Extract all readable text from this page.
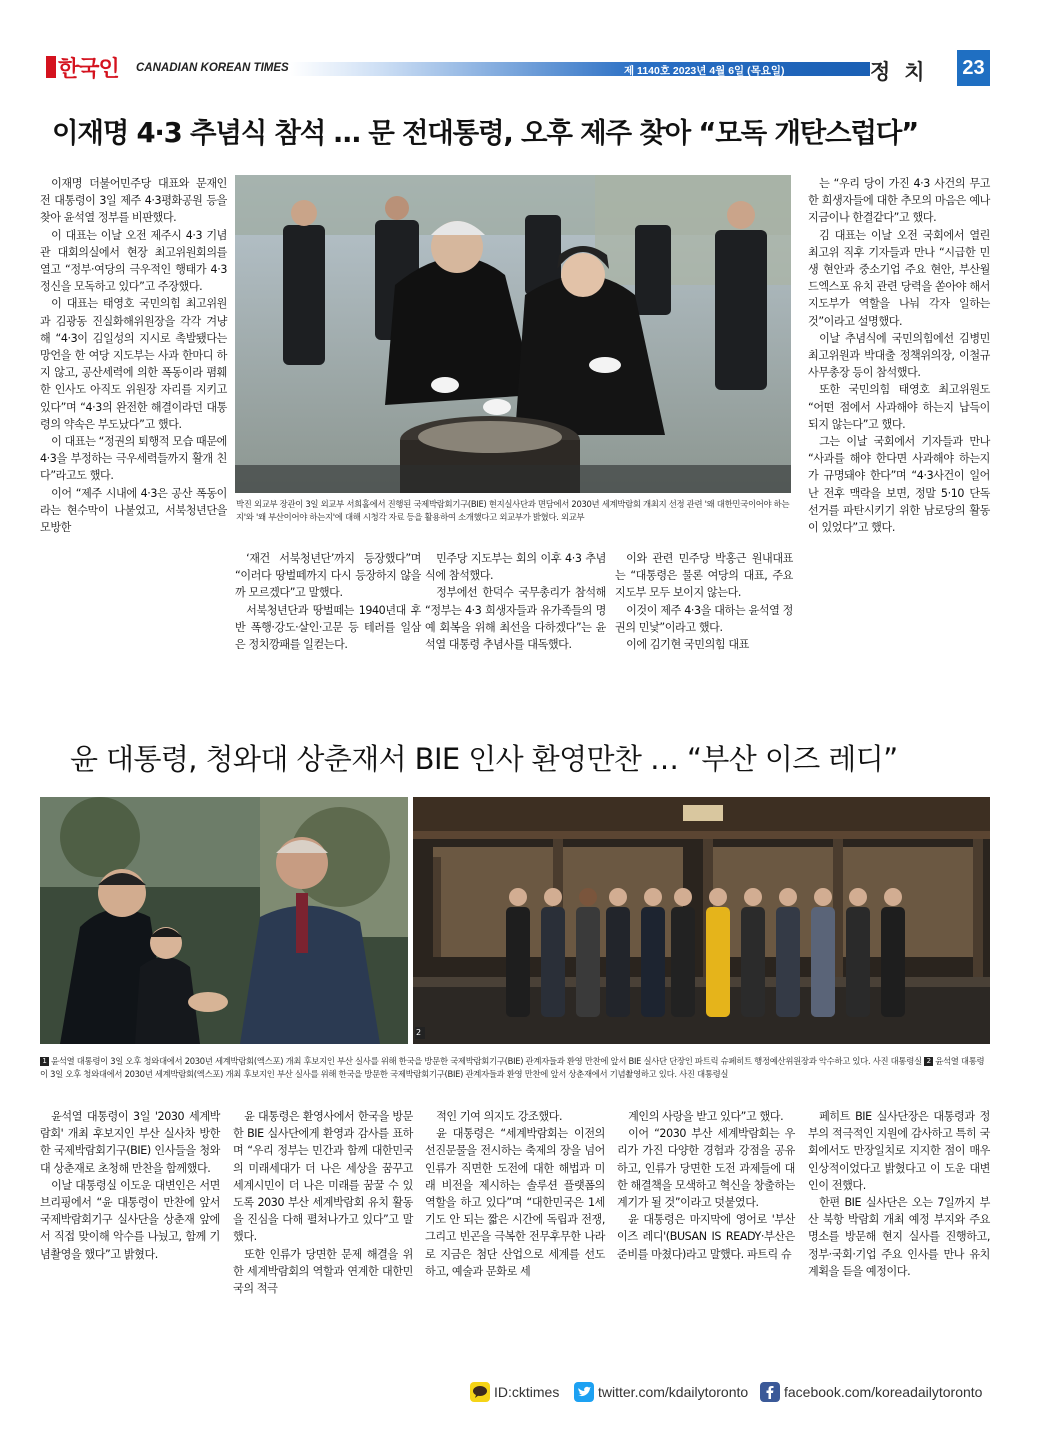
한국인 CANADIAN KOREAN TIMES	제 1140호 2023년 4월 6일 (목요일)	정치 23
이재명 4·3 추념식 참석 … 문 전대통령, 오후 제주 찾아 “모독 개탄스럽다”

이재명 더불어민주당 대표와 문재인 전 대통령이 3일 제주 4·3평화공원 등을 찾아 윤석열 정부를 비판했다.

이 대표는 이날 오전 제주시 4·3 기념관 대회의실에서 현장 최고위원회의를 열고 “정부·여당의 극우적인 행태가 4·3 정신을 모독하고 있다”고 주장했다.

이 대표는 태영호 국민의힘 최고위원과 김광동 진실화해위원장을 각각 겨냥해 “4·3이 김일성의 지시로 촉발됐다는 망언을 한 여당 지도부는 사과 한마디 하지 않고, 공산세력에 의한 폭동이라 폄훼한 인사도 아직도 위원장 자리를 지키고 있다”며 “4·3의 완전한 해결이라던 대통령의 약속은 부도났다”고 했다.

이 대표는 “정권의 퇴행적 모습 때문에 4·3을 부정하는 극우세력들까지 활개 친다”라고도 했다.

이어 “제주 시내에 4·3은 공산 폭동이라는 현수막이 나붙었고, 서북청년단을 모방한

박진 외교부 장관이 3일 외교부 서희홀에서 진행된 국제박람회기구(BIE) 현지실사단과 면담에서 2030년 세계박람회 개최지 선정 관련 '왜 대한민국이어야 하는지'와 '왜 부산이어야 하는지'에 대해 시청각 자료 등을 활용하여 소개했다고 외교부가 밝혔다. 외교부

‘재건 서북청년단’까지 등장했다”며 “이러다 땅벌떼까지 다시 등장하지 않을까 모르겠다”고 말했다.

서북청년단과 땅벌떼는 1940년대 후반 폭행·강도·살인·고문 등 테러를 일삼은 정치깡패를 일컫는다.

민주당 지도부는 회의 이후 4·3 추념식에 참석했다.

정부에선 한덕수 국무총리가 참석해 “정부는 4·3 희생자들과 유가족들의 명예 회복을 위해 최선을 다하겠다”는 윤석열 대통령 추념사를 대독했다.

이와 관련 민주당 박홍근 원내대표는 “대통령은 물론 여당의 대표, 주요 지도부 모두 보이지 않는다.

이것이 제주 4·3을 대하는 윤석열 정권의 민낯”이라고 했다.

이에 김기현 국민의힘 대표

는 “우리 당이 가진 4·3 사건의 무고한 희생자들에 대한 추모의 마음은 예나 지금이나 한결같다”고 했다.

김 대표는 이날 오전 국회에서 열린 최고위 직후 기자들과 만나 “시급한 민생 현안과 중소기업 주요 현안, 부산월드엑스포 유치 관련 당력을 쏟아야 해서 지도부가 역할을 나눠 각자 일하는 것”이라고 설명했다.

이날 추념식에 국민의힘에선 김병민 최고위원과 박대출 정책위의장, 이철규 사무총장 등이 참석했다.

또한 국민의힘 태영호 최고위원도 “어떤 점에서 사과해야 하는지 납득이 되지 않는다”고 했다.

그는 이날 국회에서 기자들과 만나 “사과를 해야 한다면 사과해야 하는지가 규명돼야 한다”며 “4·3사건이 일어난 전후 맥락을 보면, 정말 5·10 단독 선거를 파탄시키기 위한 남로당의 활동이 있었다”고 했다.

윤 대통령, 청와대 상춘재서 BIE 인사 환영만찬 … “부산 이즈 레디”
2
1 윤석열 대통령이 3일 오후 청와대에서 2030년 세계박람회(엑스포) 개최 후보지인 부산 실사를 위해 한국을 방문한 국제박람회기구(BIE) 관계자들과 환영 만찬에 앞서 BIE 실사단 단장인 파트릭 슈페히트 행정예산위원장과 악수하고 있다. 사진 대통령실 2 윤석열 대통령이 3일 오후 청와대에서 2030년 세계박람회(엑스포) 개최 후보지인 부산 실사를 위해 한국을 방문한 국제박람회기구(BIE) 관계자들과 환영 만찬에 앞서 상춘재에서 기념촬영하고 있다. 사진 대통령실

윤석열 대통령이 3일 '2030 세계박람회' 개최 후보지인 부산 실사차 방한한 국제박람회기구(BIE) 인사들을 청와대 상춘재로 초청해 만찬을 함께했다.

이날 대통령실 이도운 대변인은 서면 브리핑에서 “윤 대통령이 만찬에 앞서 국제박람회기구 실사단을 상춘재 앞에서 직접 맞이해 악수를 나눴고, 함께 기념촬영을 했다”고 밝혔다.

윤 대통령은 환영사에서 한국을 방문한 BIE 실사단에게 환영과 감사를 표하며 “우리 정부는 민간과 함께 대한민국의 미래세대가 더 나은 세상을 꿈꾸고 세계시민이 더 나은 미래를 꿈꿀 수 있도록 2030 부산 세계박람회 유치 활동을 진심을 다해 펼쳐나가고 있다”고 말했다.

또한 인류가 당면한 문제 해결을 위한 세계박람회의 역할과 연계한 대한민국의 적극

적인 기여 의지도 강조했다.

윤 대통령은 “세계박람회는 이전의 선진문물을 전시하는 축제의 장을 넘어 인류가 직면한 도전에 대한 해법과 미래 비전을 제시하는 솔루션 플랫폼의 역할을 하고 있다”며 “대한민국은 1세기도 안 되는 짧은 시간에 독립과 전쟁, 그리고 빈곤을 극복한 전무후무한 나라로 지금은 첨단 산업으로 세계를 선도하고, 예술과 문화로 세

계인의 사랑을 받고 있다”고 했다.

이어 “2030 부산 세계박람회는 우리가 가진 다양한 경험과 강점을 공유하고, 인류가 당면한 도전 과제들에 대한 해결책을 모색하고 혁신을 창출하는 계기가 될 것”이라고 덧붙였다.

윤 대통령은 마지막에 영어로 '부산 이즈 레디'(BUSAN IS READY·부산은 준비를 마쳤다)라고 말했다. 파트릭 슈

페히트 BIE 실사단장은 대통령과 정부의 적극적인 지원에 감사하고 특히 국회에서도 만장일치로 지지한 점이 매우 인상적이었다고 밝혔다고 이 도운 대변인이 전했다.

한편 BIE 실사단은 오는 7일까지 부산 북항 박람회 개최 예정 부지와 주요 명소를 방문해 현지 실사를 진행하고, 정부·국회·기업 주요 인사를 만나 유치 계획을 듣을 예정이다.

ID:cktimes	twitter.com/kdailytoronto	facebook.com/koreadailytoronto
